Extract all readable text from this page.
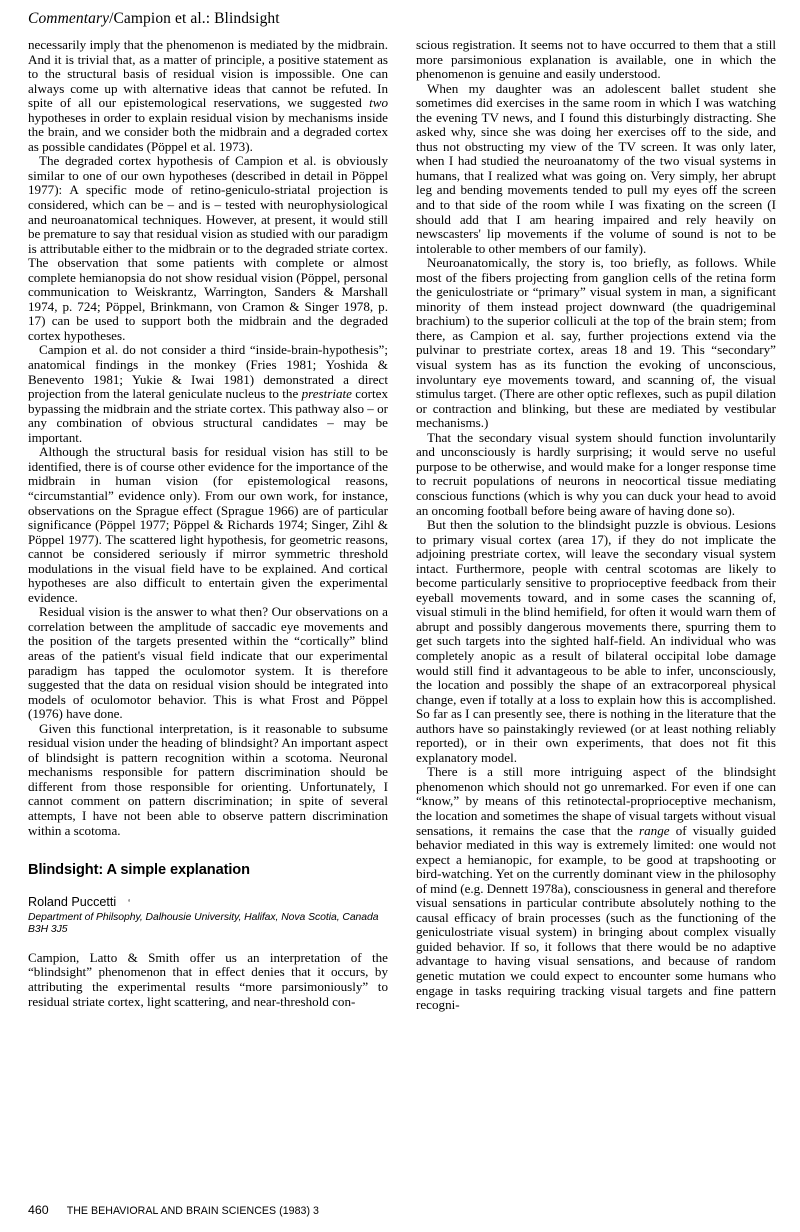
Commentary/Campion et al.: Blindsight

necessarily imply that the phenomenon is mediated by the midbrain. And it is trivial that, as a matter of principle, a positive statement as to the structural basis of residual vision is impossible. One can always come up with alternative ideas that cannot be refuted. In spite of all our epistemological reservations, we suggested two hypotheses in order to explain residual vision by mechanisms inside the brain, and we consider both the midbrain and a degraded cortex as possible candidates (Pöppel et al. 1973).

The degraded cortex hypothesis of Campion et al. is obviously similar to one of our own hypotheses (described in detail in Pöppel 1977): A specific mode of retino-geniculo-striatal projection is considered, which can be – and is – tested with neurophysiological and neuroanatomical techniques. However, at present, it would still be premature to say that residual vision as studied with our paradigm is attributable either to the midbrain or to the degraded striate cortex. The observation that some patients with complete or almost complete hemianopsia do not show residual vision (Pöppel, personal communication to Weiskrantz, Warrington, Sanders & Marshall 1974, p. 724; Pöppel, Brinkmann, von Cramon & Singer 1978, p. 17) can be used to support both the midbrain and the degraded cortex hypotheses.

Campion et al. do not consider a third “inside-brain-hypothesis”; anatomical findings in the monkey (Fries 1981; Yoshida & Benevento 1981; Yukie & Iwai 1981) demonstrated a direct projection from the lateral geniculate nucleus to the prestriate cortex bypassing the midbrain and the striate cortex. This pathway also – or any combination of obvious structural candidates – may be important.

Although the structural basis for residual vision has still to be identified, there is of course other evidence for the importance of the midbrain in human vision (for epistemological reasons, “circumstantial” evidence only). From our own work, for instance, observations on the Sprague effect (Sprague 1966) are of particular significance (Pöppel 1977; Pöppel & Richards 1974; Singer, Zihl & Pöppel 1977). The scattered light hypothesis, for geometric reasons, cannot be considered seriously if mirror symmetric threshold modulations in the visual field have to be explained. And cortical hypotheses are also difficult to entertain given the experimental evidence.

Residual vision is the answer to what then? Our observations on a correlation between the amplitude of saccadic eye movements and the position of the targets presented within the “cortically” blind areas of the patient's visual field indicate that our experimental paradigm has tapped the oculomotor system. It is therefore suggested that the data on residual vision should be integrated into models of oculomotor behavior. This is what Frost and Pöppel (1976) have done.

Given this functional interpretation, is it reasonable to subsume residual vision under the heading of blindsight? An important aspect of blindsight is pattern recognition within a scotoma. Neuronal mechanisms responsible for pattern discrimination should be different from those responsible for orienting. Unfortunately, I cannot comment on pattern discrimination; in spite of several attempts, I have not been able to observe pattern discrimination within a scotoma.

Blindsight: A simple explanation
Roland Puccetti ‘
Department of Philsophy, Dalhousie University, Halifax, Nova Scotia, Canada B3H 3J5

Campion, Latto & Smith offer us an interpretation of the “blindsight” phenomenon that in effect denies that it occurs, by attributing the experimental results “more parsimoniously” to residual striate cortex, light scattering, and near-threshold con-

scious registration. It seems not to have occurred to them that a still more parsimonious explanation is available, one in which the phenomenon is genuine and easily understood.

When my daughter was an adolescent ballet student she sometimes did exercises in the same room in which I was watching the evening TV news, and I found this disturbingly distracting. She asked why, since she was doing her exercises off to the side, and thus not obstructing my view of the TV screen. It was only later, when I had studied the neuroanatomy of the two visual systems in humans, that I realized what was going on. Very simply, her abrupt leg and bending movements tended to pull my eyes off the screen and to that side of the room while I was fixating on the screen (I should add that I am hearing impaired and rely heavily on newscasters' lip movements if the volume of sound is not to be intolerable to other members of our family).

Neuroanatomically, the story is, too briefly, as follows. While most of the fibers projecting from ganglion cells of the retina form the geniculostriate or “primary” visual system in man, a significant minority of them instead project downward (the quadrigeminal brachium) to the superior colliculi at the top of the brain stem; from there, as Campion et al. say, further projections extend via the pulvinar to prestriate cortex, areas 18 and 19. This “secondary” visual system has as its function the evoking of unconscious, involuntary eye movements toward, and scanning of, the visual stimulus target. (There are other optic reflexes, such as pupil dilation or contraction and blinking, but these are mediated by vestibular mechanisms.)

That the secondary visual system should function involuntarily and unconsciously is hardly surprising; it would serve no useful purpose to be otherwise, and would make for a longer response time to recruit populations of neurons in neocortical tissue mediating conscious functions (which is why you can duck your head to avoid an oncoming football before being aware of having done so).

But then the solution to the blindsight puzzle is obvious. Lesions to primary visual cortex (area 17), if they do not implicate the adjoining prestriate cortex, will leave the secondary visual system intact. Furthermore, people with central scotomas are likely to become particularly sensitive to proprioceptive feedback from their eyeball movements toward, and in some cases the scanning of, visual stimuli in the blind hemifield, for often it would warn them of abrupt and possibly dangerous movements there, spurring them to get such targets into the sighted half-field. An individual who was completely anopic as a result of bilateral occipital lobe damage would still find it advantageous to be able to infer, unconsciously, the location and possibly the shape of an extracorporeal physical change, even if totally at a loss to explain how this is accomplished. So far as I can presently see, there is nothing in the literature that the authors have so painstakingly reviewed (or at least nothing reliably reported), or in their own experiments, that does not fit this explanatory model.

There is a still more intriguing aspect of the blindsight phenomenon which should not go unremarked. For even if one can “know,” by means of this retinotectal-proprioceptive mechanism, the location and sometimes the shape of visual targets without visual sensations, it remains the case that the range of visually guided behavior mediated in this way is extremely limited: one would not expect a hemianopic, for example, to be good at trapshooting or bird-watching. Yet on the currently dominant view in the philosophy of mind (e.g. Dennett 1978a), consciousness in general and therefore visual sensations in particular contribute absolutely nothing to the causal efficacy of brain processes (such as the functioning of the geniculostriate visual system) in bringing about complex visually guided behavior. If so, it follows that there would be no adaptive advantage to having visual sensations, and because of random genetic mutation we could expect to encounter some humans who engage in tasks requiring tracking visual targets and fine pattern recogni-

460 THE BEHAVIORAL AND BRAIN SCIENCES (1983) 3
